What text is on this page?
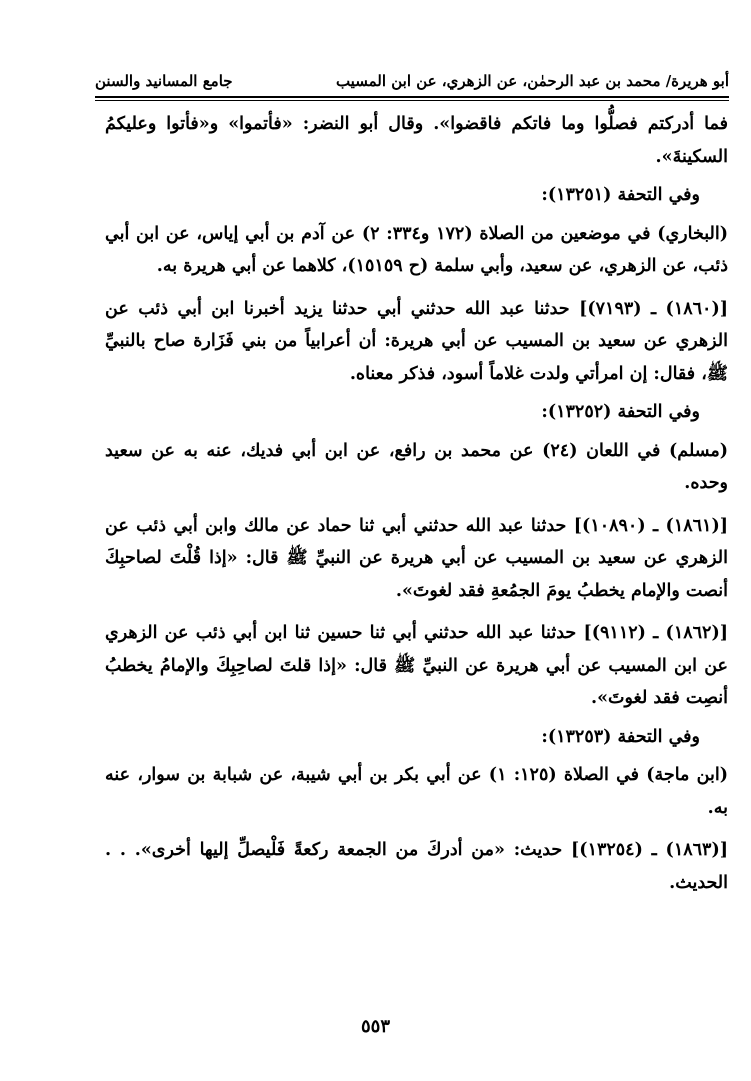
أبو هريرة/ محمد بن عبد الرحمٰن، عن الزهري، عن ابن المسيب
جامع المسانيد والسنن

فما أدركتم فصلُّوا وما فاتكم فاقضوا». وقال أبو النضر: «فأتموا» و«فأتوا وعليكمُ السكينةَ».

وفي التحفة (١٣٢٥١):

(البخاري) في موضعين من الصلاة (١٧٢ و٣٣٤: ٢) عن آدم بن أبي إياس، عن ابن أبي ذئب، عن الزهري، عن سعيد، وأبي سلمة (ح ١٥١٥٩)، كلاهما عن أبي هريرة به.

[(١٨٦٠) ـ (٧١٩٣)] حدثنا عبد الله حدثني أبي حدثنا يزيد أخبرنا ابن أبي ذئب عن الزهري عن سعيد بن المسيب عن أبي هريرة: أن أعرابياً من بني فَزَارة صاح بالنبيِّ ﷺ، فقال: إن امرأتي ولدت غلاماً أسود، فذكر معناه.

وفي التحفة (١٣٢٥٢):

(مسلم) في اللعان (٢٤) عن محمد بن رافع، عن ابن أبي فديك، عنه به عن سعيد وحده.

[(١٨٦١) ـ (١٠٨٩٠)] حدثنا عبد الله حدثني أبي ثنا حماد عن مالك وابن أبي ذئب عن الزهري عن سعيد بن المسيب عن أبي هريرة عن النبيِّ ﷺ قال: «إذا قُلْتَ لصاحبِكَ أنصت والإمام يخطبُ يومَ الجمُعةِ فقد لغوتَ».

[(١٨٦٢) ـ (٩١١٢)] حدثنا عبد الله حدثني أبي ثنا حسين ثنا ابن أبي ذئب عن الزهري عن ابن المسيب عن أبي هريرة عن النبيِّ ﷺ قال: «إذا قلتَ لصاحِبِكَ والإمامُ يخطبُ أنصِت فقد لغوتَ».

وفي التحفة (١٣٢٥٣):

(ابن ماجة) في الصلاة (١٢٥: ١) عن أبي بكر بن أبي شيبة، عن شبابة بن سوار، عنه به.

[(١٨٦٣) ـ (١٣٢٥٤)] حديث: «من أدركَ من الجمعة ركعةً فَلْيصلِّ إليها أخرى». . . الحديث.

٥٥٣
